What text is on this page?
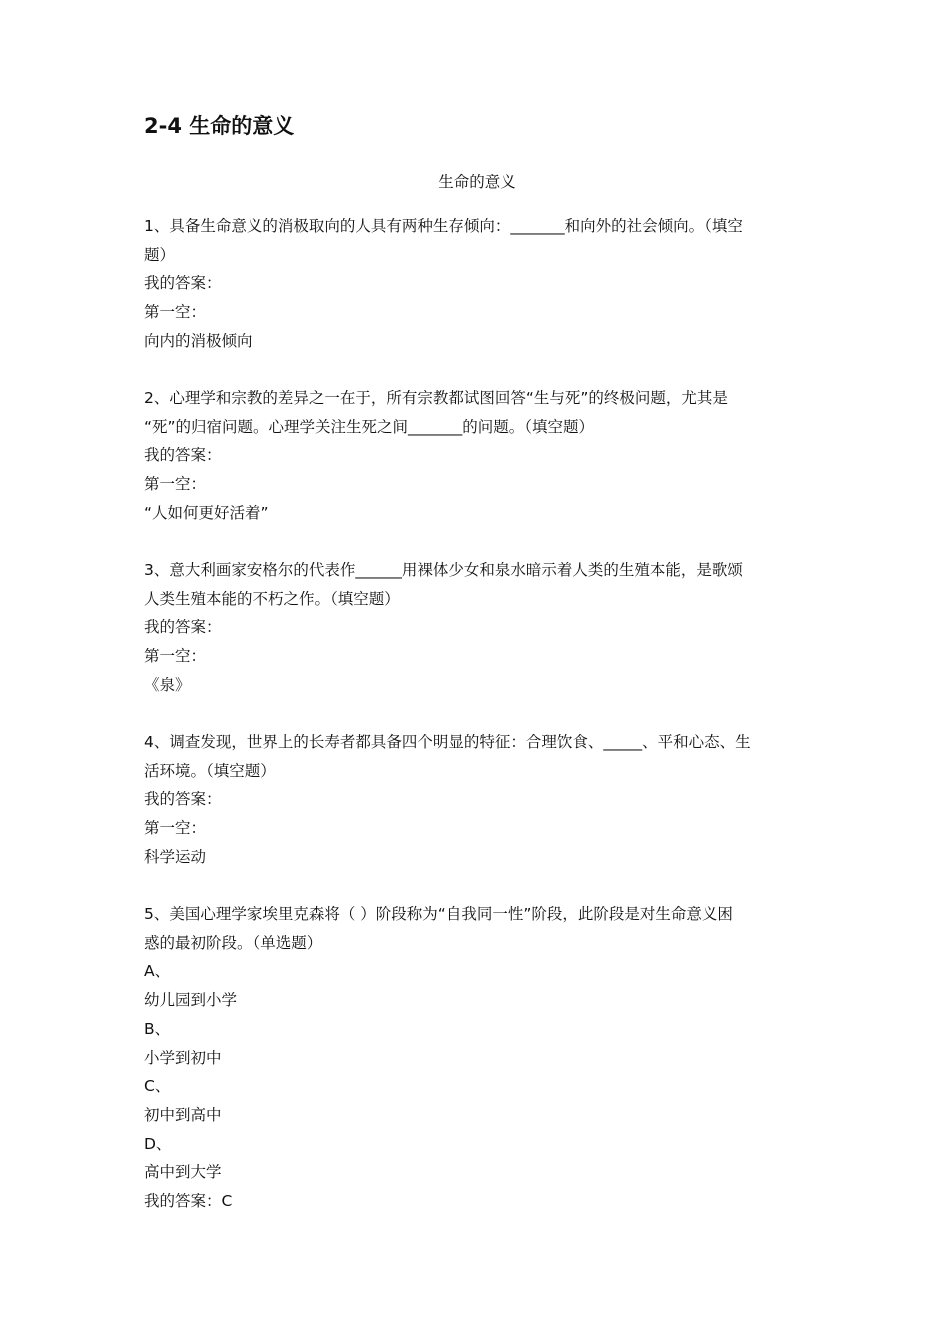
2-4 生命的意义
生命的意义

1、具备生命意义的消极取向的人具有两种生存倾向：_______和向外的社会倾向。（填空

题）

我的答案：

第一空：

向内的消极倾向

2、心理学和宗教的差异之一在于，所有宗教都试图回答“生与死”的终极问题，尤其是

“死”的归宿问题。心理学关注生死之间_______的问题。（填空题）

我的答案：

第一空：

“人如何更好活着”

3、意大利画家安格尔的代表作______用裸体少女和泉水暗示着人类的生殖本能，是歌颂

人类生殖本能的不朽之作。（填空题）

我的答案：

第一空：

《泉》

4、调查发现，世界上的长寿者都具备四个明显的特征：合理饮食、_____、平和心态、生

活环境。（填空题）

我的答案：

第一空：

科学运动

5、美国心理学家埃里克森将（ ）阶段称为“自我同一性”阶段，此阶段是对生命意义困

惑的最初阶段。（单选题）

A、

幼儿园到小学

B、

小学到初中

C、

初中到高中

D、

高中到大学

我的答案：C
